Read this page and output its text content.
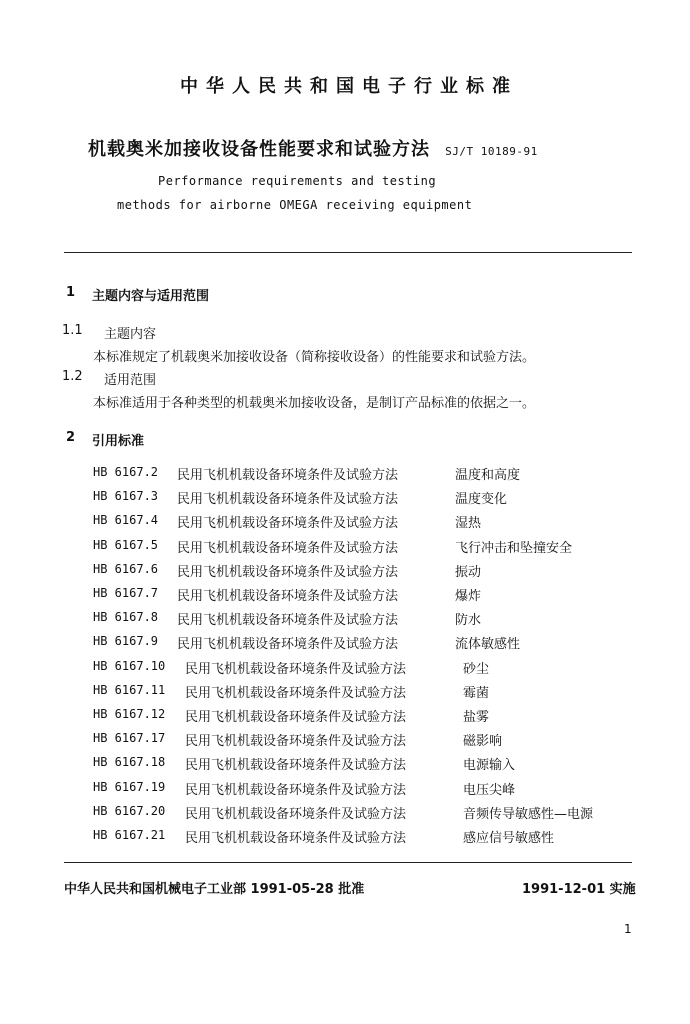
中华人民共和国电子行业标准
机载奥米加接收设备性能要求和试验方法 SJ/T 10189-91
Performance requirements and testing
methods for airborne OMEGA receiving equipment
1 主题内容与适用范围
1.1 主题内容
本标准规定了机载奥米加接收设备（简称接收设备）的性能要求和试验方法。
1.2 适用范围
本标准适用于各种类型的机载奥米加接收设备，是制订产品标准的依据之一。
2 引用标准
HB 6167.2 民用飞机机载设备环境条件及试验方法	温度和高度
HB 6167.3 民用飞机机载设备环境条件及试验方法	温度变化
HB 6167.4 民用飞机机载设备环境条件及试验方法	湿热
HB 6167.5 民用飞机机载设备环境条件及试验方法	飞行冲击和坠撞安全
HB 6167.6 民用飞机机载设备环境条件及试验方法	振动
HB 6167.7 民用飞机机载设备环境条件及试验方法	爆炸
HB 6167.8 民用飞机机载设备环境条件及试验方法	防水
HB 6167.9 民用飞机机载设备环境条件及试验方法	流体敏感性
HB 6167.10 民用飞机机载设备环境条件及试验方法	砂尘
HB 6167.11 民用飞机机载设备环境条件及试验方法	霉菌
HB 6167.12 民用飞机机载设备环境条件及试验方法	盐雾
HB 6167.17 民用飞机机载设备环境条件及试验方法	磁影响
HB 6167.18 民用飞机机载设备环境条件及试验方法	电源输入
HB 6167.19 民用飞机机载设备环境条件及试验方法	电压尖峰
HB 6167.20 民用飞机机载设备环境条件及试验方法	音频传导敏感性—电源
HB 6167.21 民用飞机机载设备环境条件及试验方法	感应信号敏感性
中华人民共和国机械电子工业部 1991-05-28 批准	1991-12-01 实施
1
